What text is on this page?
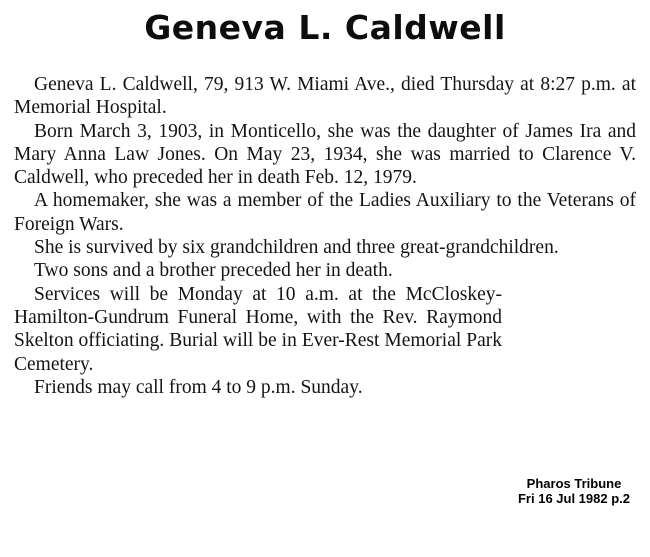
Geneva L. Caldwell

Geneva L. Caldwell, 79, 913 W. Miami Ave., died Thursday at 8:27 p.m. at Memorial Hospital.

Born March 3, 1903, in Monticello, she was the daughter of James Ira and Mary Anna Law Jones. On May 23, 1934, she was married to Clarence V. Caldwell, who preceded her in death Feb. 12, 1979.

A homemaker, she was a member of the Ladies Auxiliary to the Veterans of Foreign Wars.

She is survived by six grandchildren and three great-grandchildren.

Two sons and a brother preceded her in death.

Services will be Monday at 10 a.m. at the McCloskey-Hamilton-Gundrum Funeral Home, with the Rev. Raymond Skelton officiating. Burial will be in Ever-Rest Memorial Park Cemetery.

Friends may call from 4 to 9 p.m. Sunday.

Pharos Tribune
Fri 16 Jul 1982 p.2
